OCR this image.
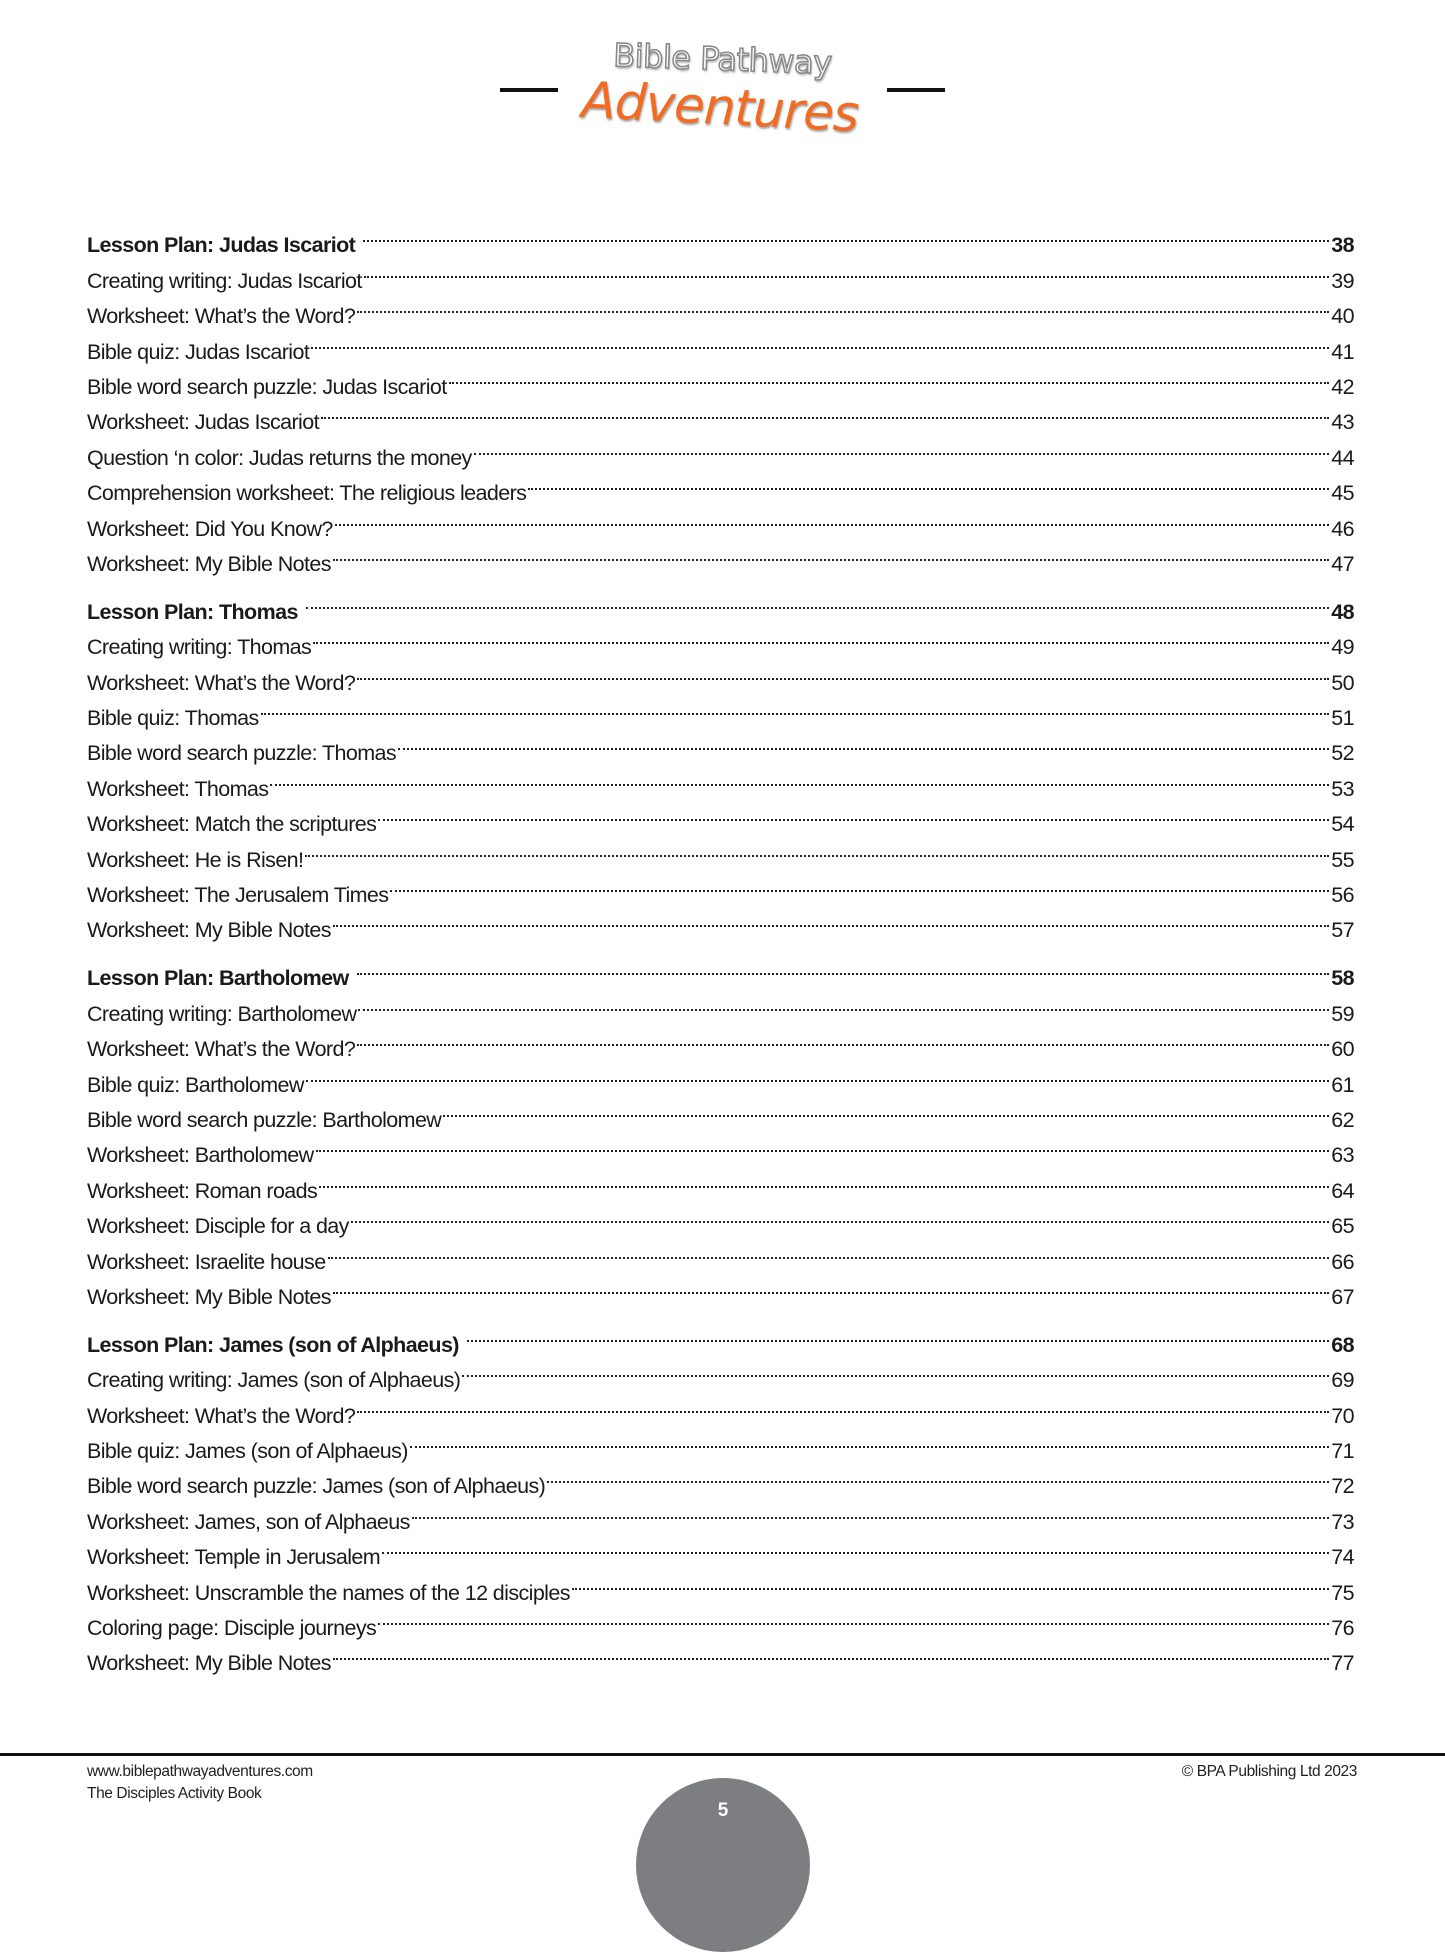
Bible Pathway
Adventures
Lesson Plan: Judas Iscariot	38
Creating writing: Judas Iscariot	39
Worksheet: What’s the Word?	40
Bible quiz: Judas Iscariot	41
Bible word search puzzle: Judas Iscariot	42
Worksheet: Judas Iscariot	43
Question ‘n color: Judas returns the money	44
Comprehension worksheet: The religious leaders	45
Worksheet: Did You Know?	46
Worksheet: My Bible Notes	47
Lesson Plan: Thomas	48
Creating writing: Thomas	49
Worksheet: What’s the Word?	50
Bible quiz: Thomas	51
Bible word search puzzle: Thomas	52
Worksheet: Thomas	53
Worksheet: Match the scriptures	54
Worksheet: He is Risen!	55
Worksheet: The Jerusalem Times	56
Worksheet: My Bible Notes	57
Lesson Plan: Bartholomew	58
Creating writing: Bartholomew	59
Worksheet: What’s the Word?	60
Bible quiz: Bartholomew	61
Bible word search puzzle: Bartholomew	62
Worksheet: Bartholomew	63
Worksheet: Roman roads	64
Worksheet: Disciple for a day	65
Worksheet: Israelite house	66
Worksheet: My Bible Notes	67
Lesson Plan: James (son of Alphaeus)	68
Creating writing: James (son of Alphaeus)	69
Worksheet: What’s the Word?	70
Bible quiz: James (son of Alphaeus)	71
Bible word search puzzle: James (son of Alphaeus)	72
Worksheet: James, son of Alphaeus	73
Worksheet: Temple in Jerusalem	74
Worksheet: Unscramble the names of the 12 disciples	75
Coloring page: Disciple journeys	76
Worksheet: My Bible Notes	77
www.biblepathwayadventures.com
The Disciples Activity Book
© BPA Publishing Ltd 2023
5
